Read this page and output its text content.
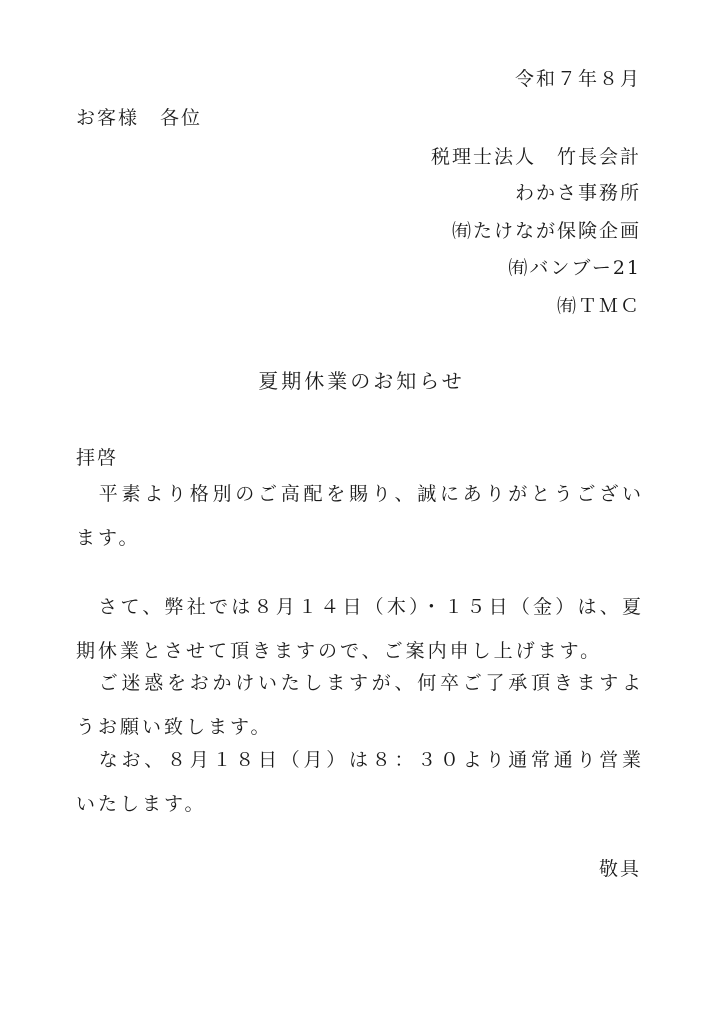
令和７年８月
お客様　各位
税理士法人　竹長会計
わかさ事務所
㈲たけなが保険企画
㈲バンブー21
㈲ＴＭＣ
夏期休業のお知らせ
拝啓
　平素より格別のご高配を賜り、誠にありがとうございます。
　さて、弊社では８月１４日（木）・１５日（金）は、夏期休業とさせて頂きますので、ご案内申し上げます。
　ご迷惑をおかけいたしますが、何卒ご了承頂きますようお願い致します。
　なお、８月１８日（月）は８：３０より通常通り営業いたします。
敬具
